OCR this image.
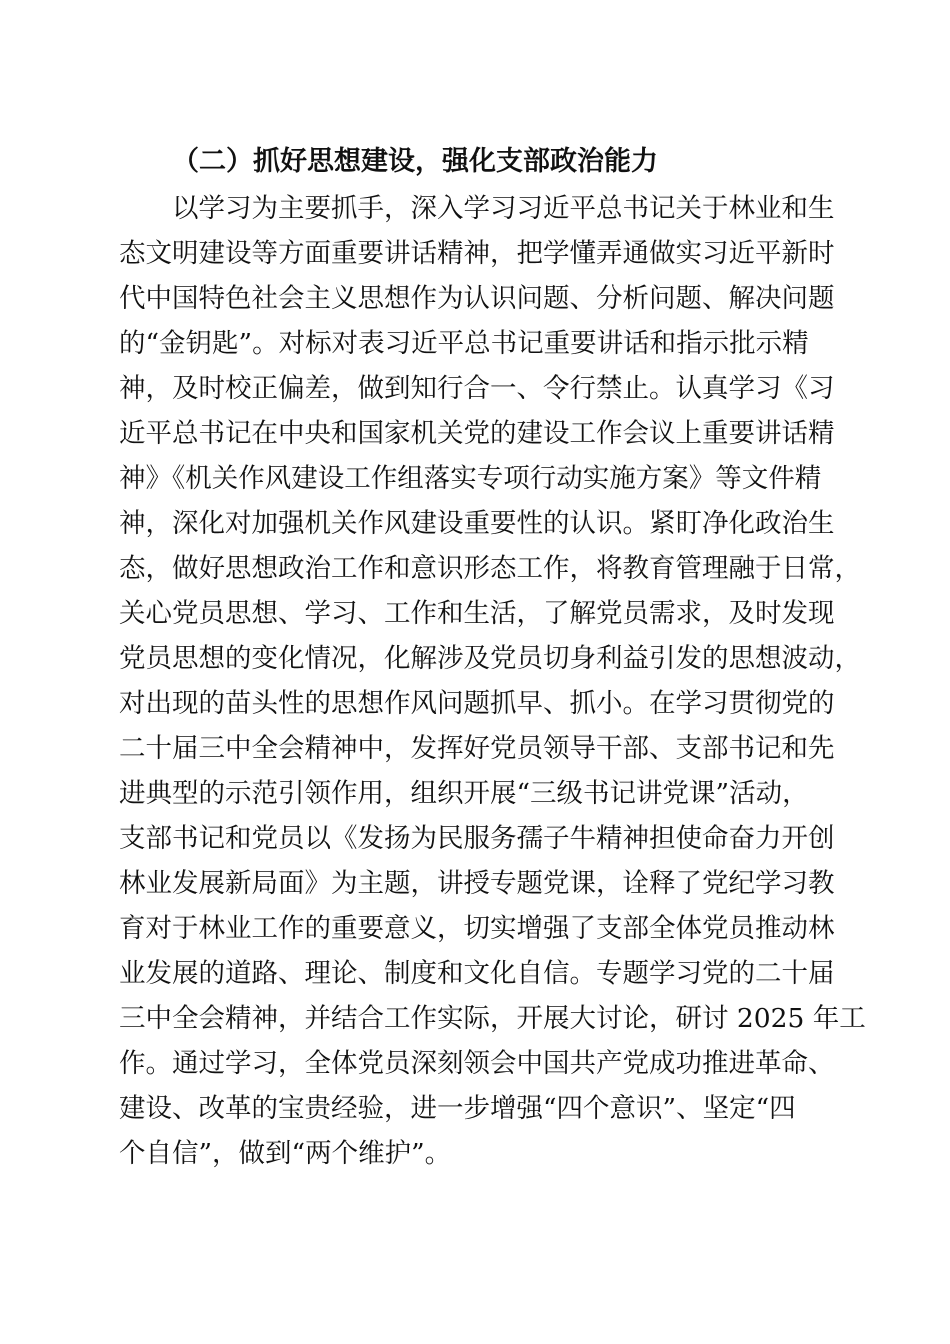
（二）抓好思想建设，强化支部政治能力
以学习为主要抓手，深入学习习近平总书记关于林业和生
态文明建设等方面重要讲话精神，把学懂弄通做实习近平新时
代中国特色社会主义思想作为认识问题、分析问题、解决问题
的“金钥匙”。对标对表习近平总书记重要讲话和指示批示精
神，及时校正偏差，做到知行合一、令行禁止。认真学习《习
近平总书记在中央和国家机关党的建设工作会议上重要讲话精
神》《机关作风建设工作组落实专项行动实施方案》等文件精
神，深化对加强机关作风建设重要性的认识。紧盯净化政治生
态，做好思想政治工作和意识形态工作，将教育管理融于日常，
关心党员思想、学习、工作和生活，了解党员需求，及时发现
党员思想的变化情况，化解涉及党员切身利益引发的思想波动，
对出现的苗头性的思想作风问题抓早、抓小。在学习贯彻党的
二十届三中全会精神中，发挥好党员领导干部、支部书记和先
进典型的示范引领作用，组织开展“三级书记讲党课”活动，
支部书记和党员以《发扬为民服务孺子牛精神担使命奋力开创
林业发展新局面》为主题，讲授专题党课，诠释了党纪学习教
育对于林业工作的重要意义，切实增强了支部全体党员推动林
业发展的道路、理论、制度和文化自信。专题学习党的二十届
三中全会精神，并结合工作实际，开展大讨论，研讨 2025 年工
作。通过学习，全体党员深刻领会中国共产党成功推进革命、
建设、改革的宝贵经验，进一步增强“四个意识”、坚定“四
个自信”，做到“两个维护”。
